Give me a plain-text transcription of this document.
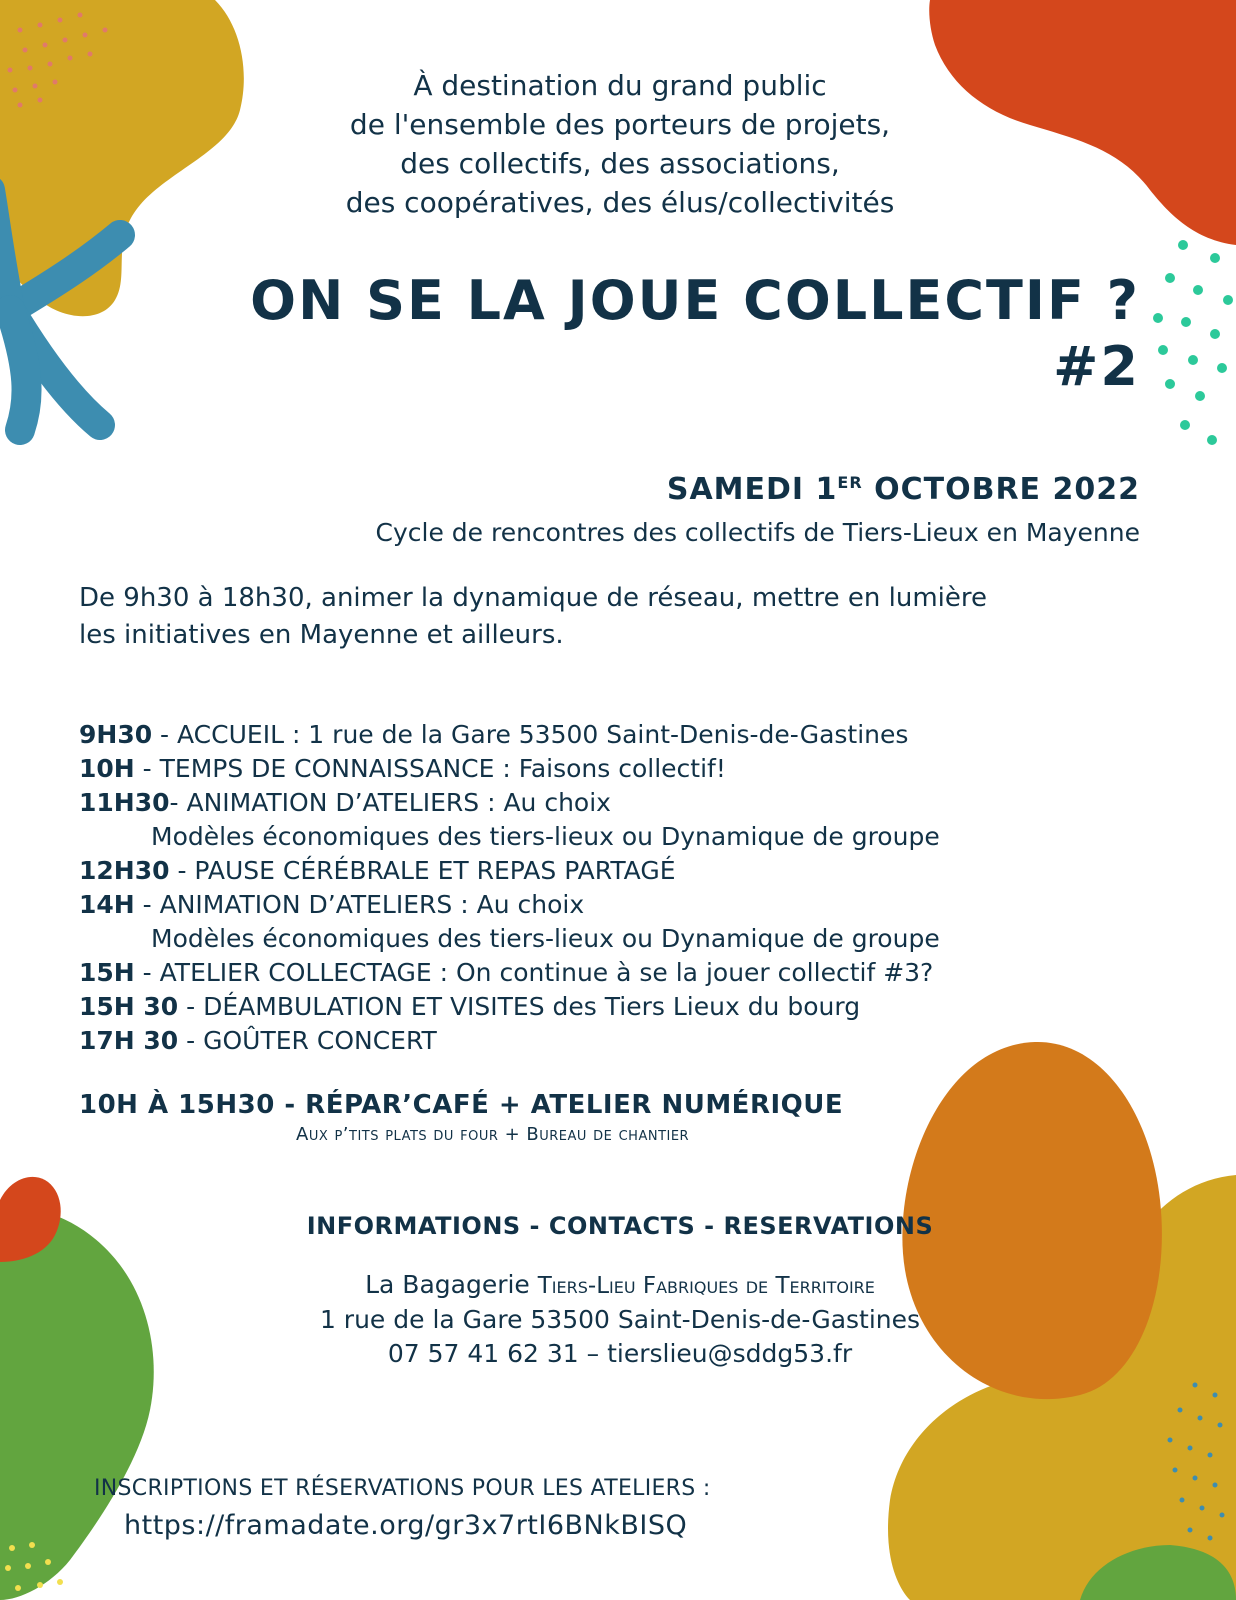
À destination du grand public
de l'ensemble des porteurs de projets,
des collectifs, des associations,
des coopératives, des élus/collectivités
ON SE LA JOUE COLLECTIF ?
#2
SAMEDI 1ER OCTOBRE 2022
Cycle de rencontres des collectifs de Tiers-Lieux en Mayenne
De 9h30 à 18h30, animer la dynamique de réseau, mettre en lumière
les initiatives en Mayenne et ailleurs.
9H30 - ACCUEIL : 1 rue de la Gare 53500 Saint-Denis-de-Gastines
10H - TEMPS DE CONNAISSANCE : Faisons collectif!
11H30- ANIMATION D’ATELIERS : Au choix
Modèles économiques des tiers-lieux ou Dynamique de groupe
12H30 - PAUSE CÉRÉBRALE ET REPAS PARTAGÉ
14H - ANIMATION D’ATELIERS : Au choix
Modèles économiques des tiers-lieux ou Dynamique de groupe
15H - ATELIER COLLECTAGE : On continue à se la jouer collectif #3?
15H 30 - DÉAMBULATION ET VISITES des Tiers Lieux du bourg
17H 30 - GOÛTER CONCERT
10H À 15H30 - RÉPAR’CAFÉ + ATELIER NUMÉRIQUE
Aux p’tits plats du four + Bureau de chantier
INFORMATIONS - CONTACTS - RESERVATIONS
La Bagagerie Tiers-Lieu Fabriques de Territoire
1 rue de la Gare 53500 Saint-Denis-de-Gastines
07 57 41 62 31 – tierslieu@sddg53.fr
INSCRIPTIONS ET RÉSERVATIONS POUR LES ATELIERS :
https://framadate.org/gr3x7rtI6BNkBISQ
